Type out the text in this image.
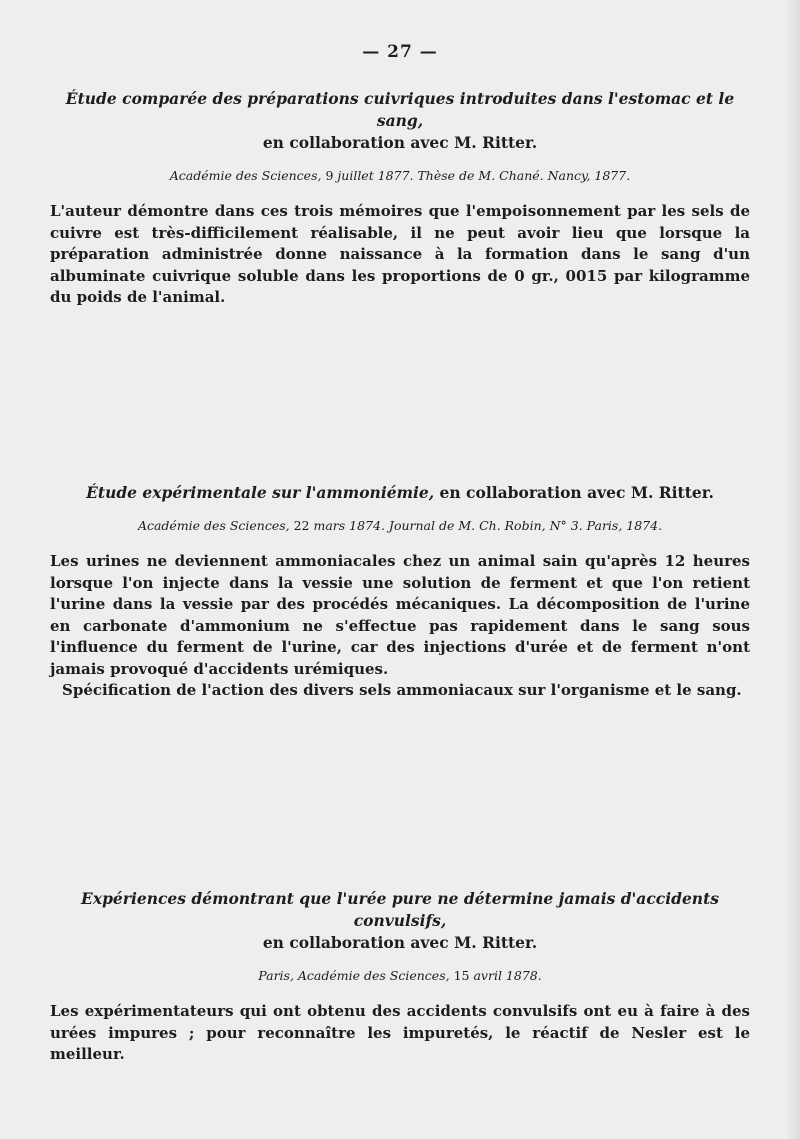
— 27 —
Étude comparée des préparations cuivriques introduites dans l'estomac et le sang,
en collaboration avec M. Ritter.
Académie des Sciences, 9 juillet 1877. Thèse de M. Chané. Nancy, 1877.

L'auteur démontre dans ces trois mémoires que l'empoisonnement par les sels de cuivre est très-difficilement réalisable, il ne peut avoir lieu que lorsque la préparation administrée donne naissance à la formation dans le sang d'un albuminate cuivrique soluble dans les proportions de 0 gr., 0015 par kilogramme du poids de l'animal.

Étude expérimentale sur l'ammoniémie, en collaboration avec M. Ritter.
Académie des Sciences, 22 mars 1874. Journal de M. Ch. Robin, N° 3. Paris, 1874.

Les urines ne deviennent ammoniacales chez un animal sain qu'après 12 heures lorsque l'on injecte dans la vessie une solution de ferment et que l'on retient l'urine dans la vessie par des procédés mécaniques. La décomposition de l'urine en carbonate d'ammonium ne s'effectue pas rapidement dans le sang sous l'influence du ferment de l'urine, car des injections d'urée et de ferment n'ont jamais provoqué d'accidents urémiques.

Spécification de l'action des divers sels ammoniacaux sur l'organisme et le sang.

Expériences démontrant que l'urée pure ne détermine jamais d'accidents convulsifs,
en collaboration avec M. Ritter.
Paris, Académie des Sciences, 15 avril 1878.

Les expérimentateurs qui ont obtenu des accidents convulsifs ont eu à faire à des urées impures ; pour reconnaître les impuretés, le réactif de Nesler est le meilleur.
